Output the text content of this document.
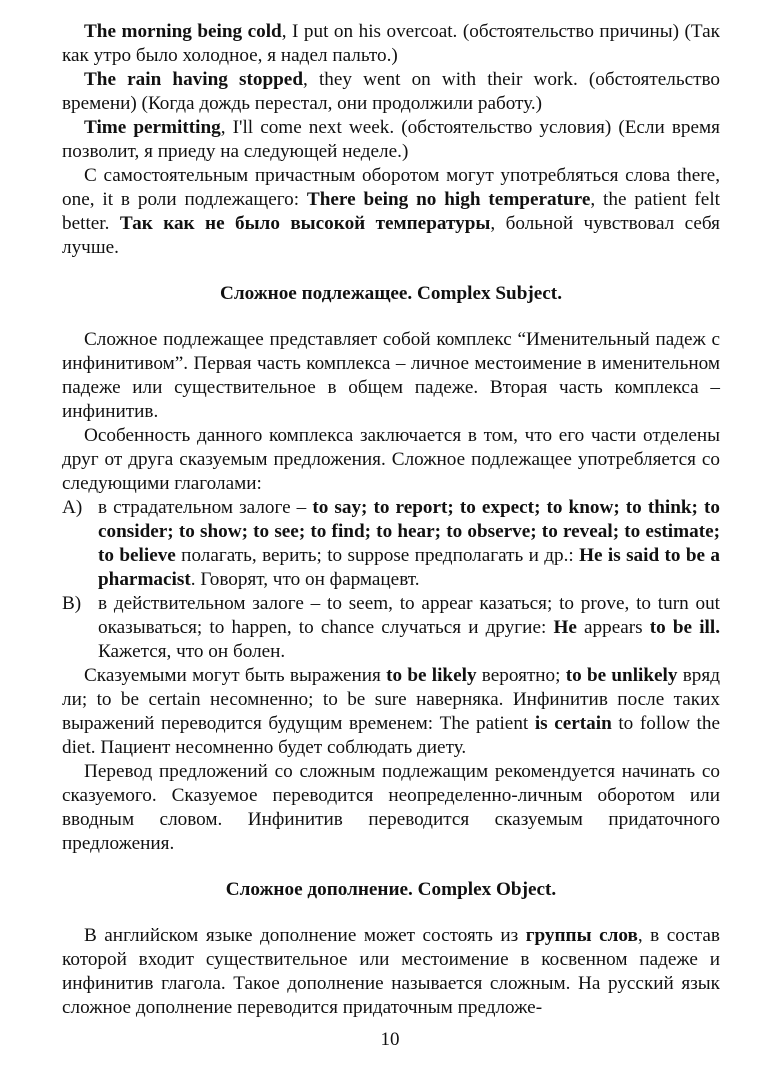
The morning being cold, I put on his overcoat. (обстоятельство причины) (Так как утро было холодное, я надел пальто.)

The rain having stopped, they went on with their work. (обстоятельство времени) (Когда дождь перестал, они продолжили работу.)

Time permitting, I'll come next week. (обстоятельство условия) (Если время позволит, я приеду на следующей неделе.)

С самостоятельным причастным оборотом могут употребляться слова there, one, it в роли подлежащего: There being no high temperature, the patient felt better. Так как не было высокой температуры, больной чувствовал себя лучше.

Сложное подлежащее. Complex Subject.

Сложное подлежащее представляет собой комплекс “Именительный падеж с инфинитивом”. Первая часть комплекса – личное местоимение в именительном падеже или существительное в общем падеже. Вторая часть комплекса – инфинитив.

Особенность данного комплекса заключается в том, что его части отделены друг от друга сказуемым предложения. Сложное подлежащее употребляется со следующими глаголами:

А) в страдательном залоге – to say; to report; to expect; to know; to think; to consider; to show; to see; to find; to hear; to observe; to reveal; to estimate; to believe полагать, верить; to suppose предполагать и др.: He is said to be a pharmacist. Говорят, что он фармацевт.
В) в действительном залоге – to seem, to appear казаться; to prove, to turn out оказываться; to happen, to chance случаться и другие: He appears to be ill. Кажется, что он болен.

Сказуемыми могут быть выражения to be likely вероятно; to be unlikely вряд ли; to be certain несомненно; to be sure наверняка. Инфинитив после таких выражений переводится будущим временем: The patient is certain to follow the diet. Пациент несомненно будет соблюдать диету.

Перевод предложений со сложным подлежащим рекомендуется начинать со сказуемого. Сказуемое переводится неопределенно-личным оборотом или вводным словом. Инфинитив переводится сказуемым придаточного предложения.

Сложное дополнение. Complex Object.

В английском языке дополнение может состоять из группы слов, в состав которой входит существительное или местоимение в косвенном падеже и инфинитив глагола. Такое дополнение называется сложным. На русский язык сложное дополнение переводится придаточным предложе-

10
